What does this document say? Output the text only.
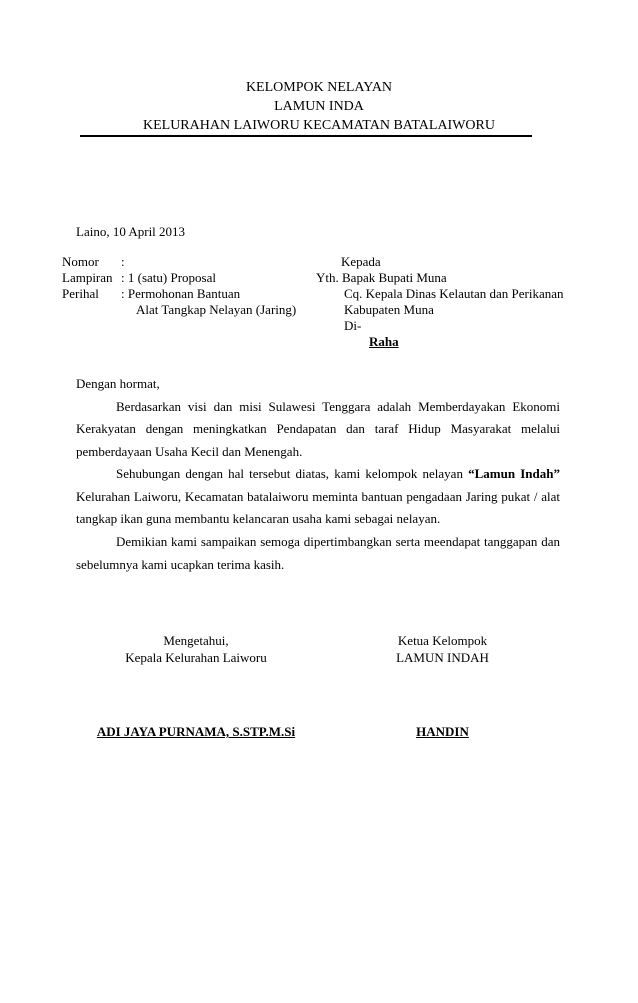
KELOMPOK NELAYAN
LAMUN INDA
KELURAHAN LAIWORU KECAMATAN BATALAIWORU
Laino, 10 April 2013
Nomor :
Lampiran : 1 (satu) Proposal
Perihal : Permohonan Bantuan
Alat Tangkap Nelayan (Jaring)
Kepada
Yth. Bapak Bupati Muna
Cq. Kepala Dinas Kelautan dan Perikanan
Kabupaten Muna
Di-
Raha

Dengan hormat,

Berdasarkan visi dan misi Sulawesi Tenggara adalah Memberdayakan Ekonomi Kerakyatan dengan meningkatkan Pendapatan dan taraf Hidup Masyarakat melalui pemberdayaan Usaha Kecil dan Menengah.

Sehubungan dengan hal tersebut diatas, kami kelompok nelayan “Lamun Indah” Kelurahan Laiworu, Kecamatan batalaiworu meminta bantuan pengadaan Jaring pukat / alat tangkap ikan guna membantu kelancaran usaha kami sebagai nelayan.
Demikian kami sampaikan semoga dipertimbangkan serta meendapat tanggapan dan sebelumnya kami ucapkan terima kasih.
Mengetahui,
Kepala Kelurahan Laiworu
ADI JAYA PURNAMA, S.STP.M.Si
Ketua Kelompok
LAMUN INDAH
HANDIN
